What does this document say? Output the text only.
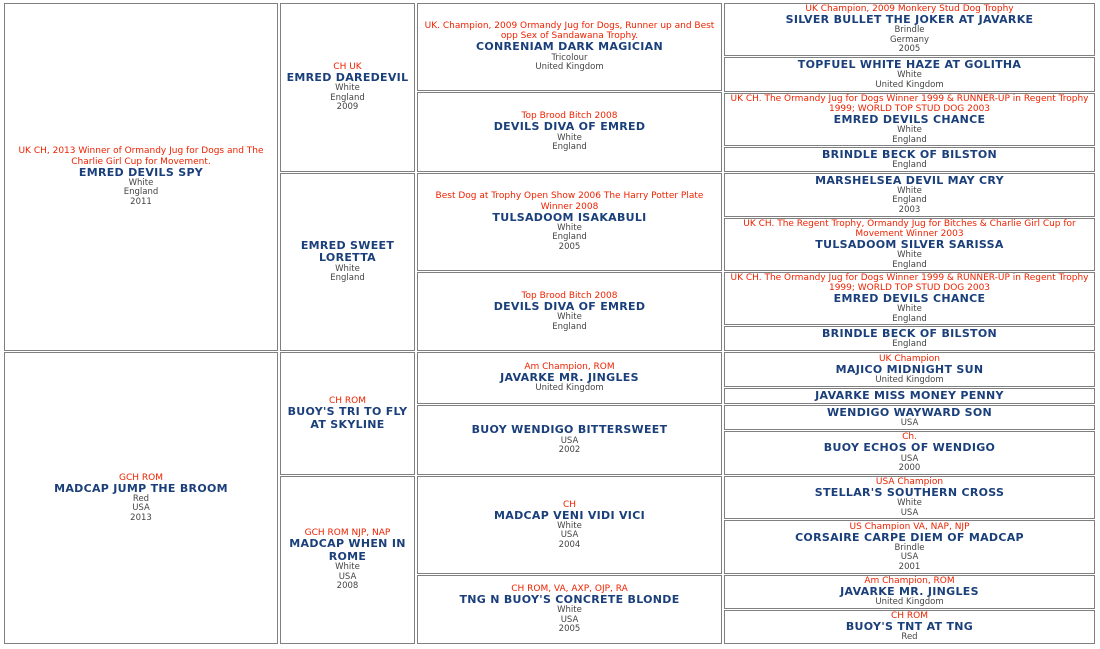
UK CH, 2013 Winner of Ormandy Jug for Dogs and The Charlie Girl Cup for Movement.
EMRED DEVILS SPY
White
England
2011
GCH ROM
MADCAP JUMP THE BROOM
Red
USA
2013
CH UK
EMRED DAREDEVIL
White
England
2009
EMRED SWEET LORETTA
White
England
CH ROM
BUOY'S TRI TO FLY AT SKYLINE
GCH ROM NJP, NAP
MADCAP WHEN IN ROME
White
USA
2008
UK. Champion, 2009 Ormandy Jug for Dogs, Runner up and Best opp Sex of Sandawana Trophy.
CONRENIAM DARK MAGICIAN
Tricolour
United Kingdom
Top Brood Bitch 2008
DEVILS DIVA OF EMRED
White
England
Best Dog at Trophy Open Show 2006 The Harry Potter Plate Winner 2008
TULSADOOM ISAKABULI
White
England
2005
Top Brood Bitch 2008
DEVILS DIVA OF EMRED
White
England
Am Champion, ROM
JAVARKE MR. JINGLES
United Kingdom
BUOY WENDIGO BITTERSWEET
USA
2002
CH
MADCAP VENI VIDI VICI
White
USA
2004
CH ROM, VA, AXP, OJP, RA
TNG N BUOY'S CONCRETE BLONDE
White
USA
2005
UK Champion, 2009 Monkery Stud Dog Trophy
SILVER BULLET THE JOKER AT JAVARKE
Brindle
Germany
2005
TOPFUEL WHITE HAZE AT GOLITHA
White
United Kingdom
UK CH. The Ormandy Jug for Dogs Winner 1999 & RUNNER-UP in Regent Trophy 1999; WORLD TOP STUD DOG 2003
EMRED DEVILS CHANCE
White
England
BRINDLE BECK OF BILSTON
England
MARSHELSEA DEVIL MAY CRY
White
England
2003
UK CH. The Regent Trophy, Ormandy Jug for Bitches & Charlie Girl Cup for Movement Winner 2003
TULSADOOM SILVER SARISSA
White
England
UK CH. The Ormandy Jug for Dogs Winner 1999 & RUNNER-UP in Regent Trophy 1999; WORLD TOP STUD DOG 2003
EMRED DEVILS CHANCE
White
England
BRINDLE BECK OF BILSTON
England
UK Champion
MAJICO MIDNIGHT SUN
United Kingdom
JAVARKE MISS MONEY PENNY
WENDIGO WAYWARD SON
USA
Ch.
BUOY ECHOS OF WENDIGO
USA
2000
USA Champion
STELLAR'S SOUTHERN CROSS
White
USA
US Champion VA, NAP, NJP
CORSAIRE CARPE DIEM OF MADCAP
Brindle
USA
2001
Am Champion, ROM
JAVARKE MR. JINGLES
United Kingdom
CH ROM
BUOY'S TNT AT TNG
Red
